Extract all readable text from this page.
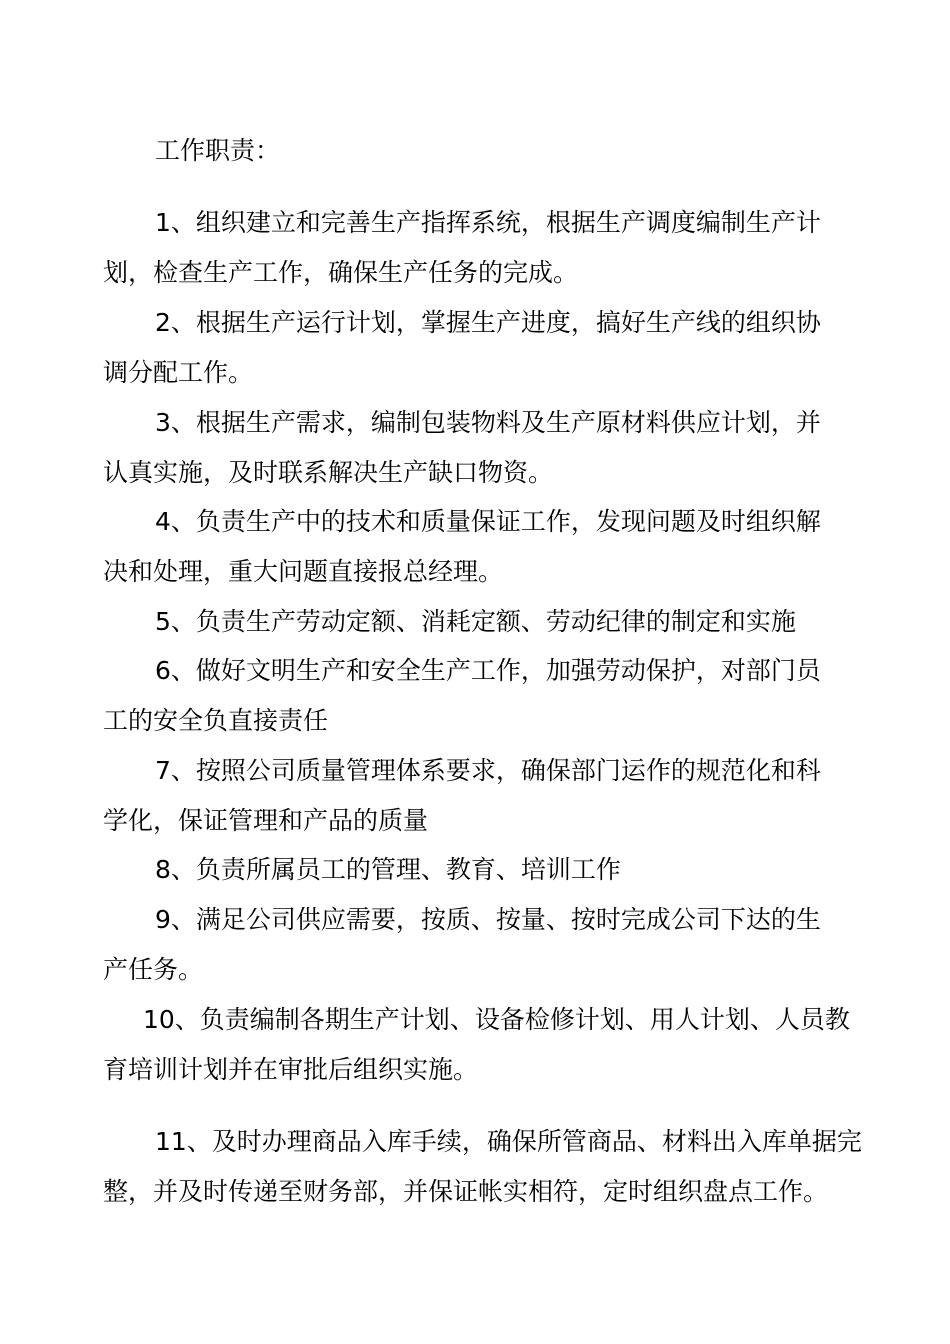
工作职责：
1、组织建立和完善生产指挥系统，根据生产调度编制生产计划，检查生产工作，确保生产任务的完成。
2、根据生产运行计划，掌握生产进度，搞好生产线的组织协调分配工作。
3、根据生产需求，编制包装物料及生产原材料供应计划，并认真实施，及时联系解决生产缺口物资。
4、负责生产中的技术和质量保证工作，发现问题及时组织解决和处理，重大问题直接报总经理。
5、负责生产劳动定额、消耗定额、劳动纪律的制定和实施
6、做好文明生产和安全生产工作，加强劳动保护，对部门员工的安全负直接责任
7、按照公司质量管理体系要求，确保部门运作的规范化和科学化，保证管理和产品的质量
8、负责所属员工的管理、教育、培训工作
9、满足公司供应需要，按质、按量、按时完成公司下达的生产任务。
10、负责编制各期生产计划、设备检修计划、用人计划、人员教育培训计划并在审批后组织实施。
11、及时办理商品入库手续，确保所管商品、材料出入库单据完整，并及时传递至财务部，并保证帐实相符，定时组织盘点工作。
